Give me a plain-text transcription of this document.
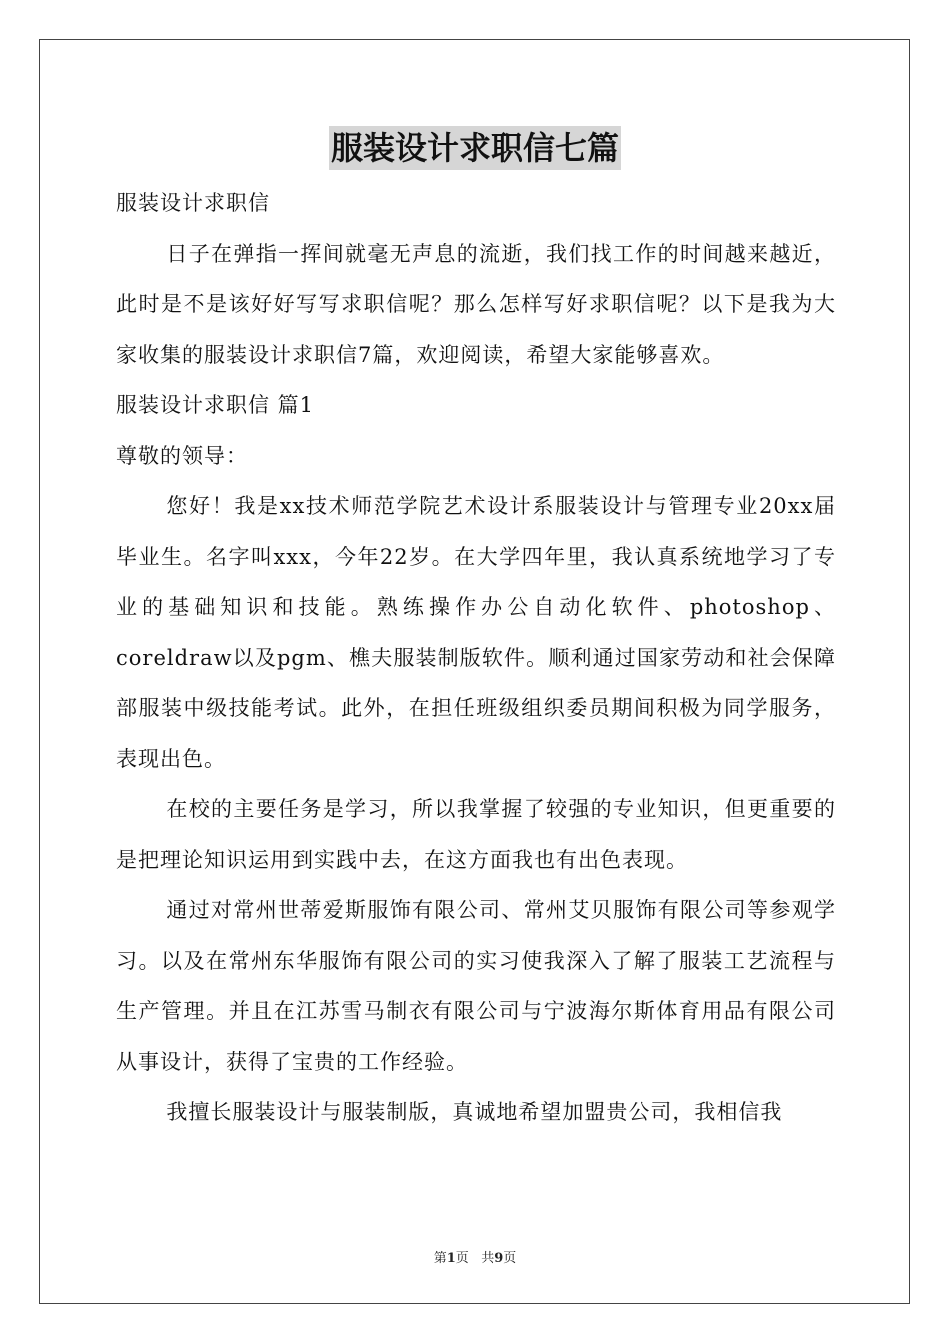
服装设计求职信七篇

服装设计求职信

日子在弹指一挥间就毫无声息的流逝，我们找工作的时间越来越近，此时是不是该好好写写求职信呢？那么怎样写好求职信呢？以下是我为大家收集的服装设计求职信7篇，欢迎阅读，希望大家能够喜欢。

服装设计求职信 篇1

尊敬的领导：

您好！我是xx技术师范学院艺术设计系服装设计与管理专业20xx届毕业生。名字叫xxx，今年22岁。在大学四年里，我认真系统地学习了专业的基础知识和技能。熟练操作办公自动化软件、photoshop、coreldraw以及pgm、樵夫服装制版软件。顺利通过国家劳动和社会保障部服装中级技能考试。此外，在担任班级组织委员期间积极为同学服务，表现出色。

在校的主要任务是学习，所以我掌握了较强的专业知识，但更重要的是把理论知识运用到实践中去，在这方面我也有出色表现。

通过对常州世蒂爱斯服饰有限公司、常州艾贝服饰有限公司等参观学习。以及在常州东华服饰有限公司的实习使我深入了解了服装工艺流程与生产管理。并且在江苏雪马制衣有限公司与宁波海尔斯体育用品有限公司从事设计，获得了宝贵的工作经验。

我擅长服装设计与服装制版，真诚地希望加盟贵公司，我相信我

第1页 共9页
